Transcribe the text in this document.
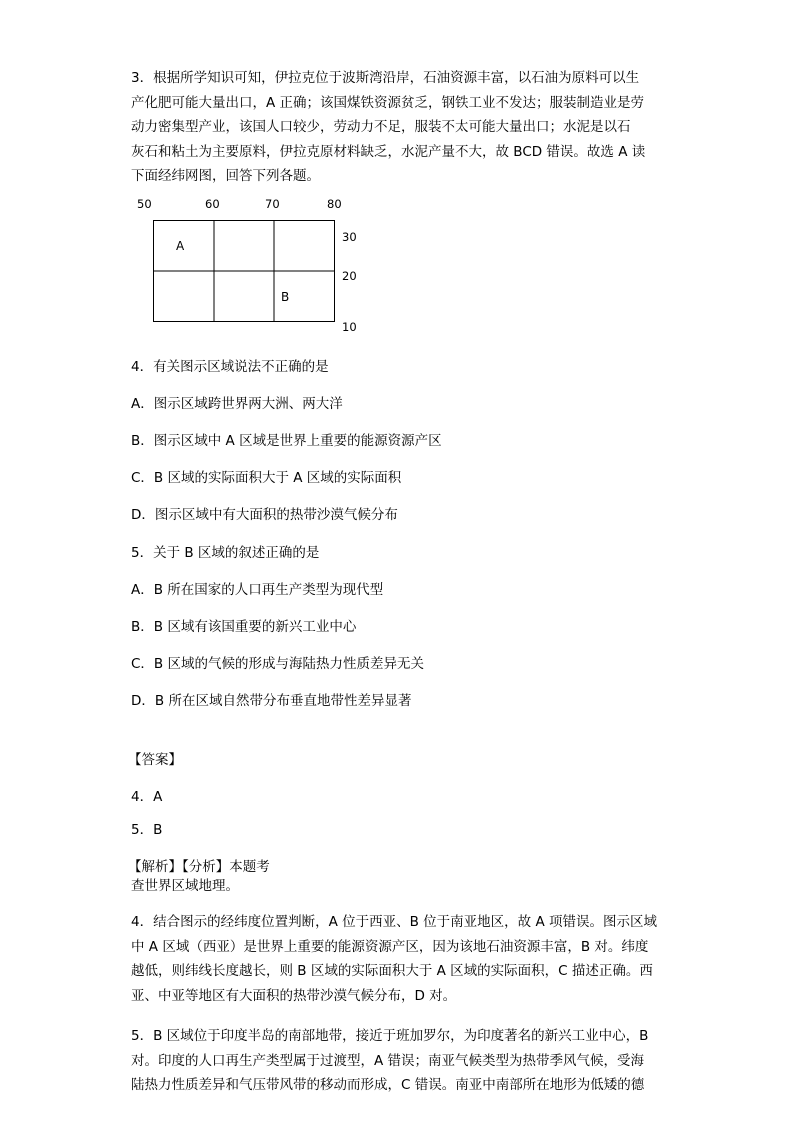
3．根据所学知识可知，伊拉克位于波斯湾沿岸，石油资源丰富，以石油为原料可以生
产化肥可能大量出口，A 正确；该国煤铁资源贫乏，钢铁工业不发达；服装制造业是劳
动力密集型产业，该国人口较少，劳动力不足，服装不太可能大量出口；水泥是以石
灰石和粘土为主要原料，伊拉克原材料缺乏，水泥产量不大，故 BCD 错误。故选 A 读
下面经纬网图，回答下列各题。
50	60	70	80
30
20
10
A
B
4．有关图示区域说法不正确的是
A．图示区域跨世界两大洲、两大洋
B．图示区域中 A 区域是世界上重要的能源资源产区
C．B 区域的实际面积大于 A 区域的实际面积
D．图示区域中有大面积的热带沙漠气候分布
5．关于 B 区域的叙述正确的是
A．B 所在国家的人口再生产类型为现代型
B．B 区域有该国重要的新兴工业中心
C．B 区域的气候的形成与海陆热力性质差异无关
D．B 所在区域自然带分布垂直地带性差异显著
【答案】
4．A
5．B
【解析】【分析】本题考
查世界区域地理。
4．结合图示的经纬度位置判断，A 位于西亚、B 位于南亚地区，故 A 项错误。图示区域
中 A 区域（西亚）是世界上重要的能源资源产区，因为该地石油资源丰富，B 对。纬度
越低，则纬线长度越长，则 B 区域的实际面积大于 A 区域的实际面积，C 描述正确。西
亚、中亚等地区有大面积的热带沙漠气候分布，D 对。
5．B 区域位于印度半岛的南部地带，接近于班加罗尔，为印度著名的新兴工业中心，B
对。印度的人口再生产类型属于过渡型，A 错误；南亚气候类型为热带季风气候，受海
陆热力性质差异和气压带风带的移动而形成，C 错误。南亚中南部所在地形为低矮的德
